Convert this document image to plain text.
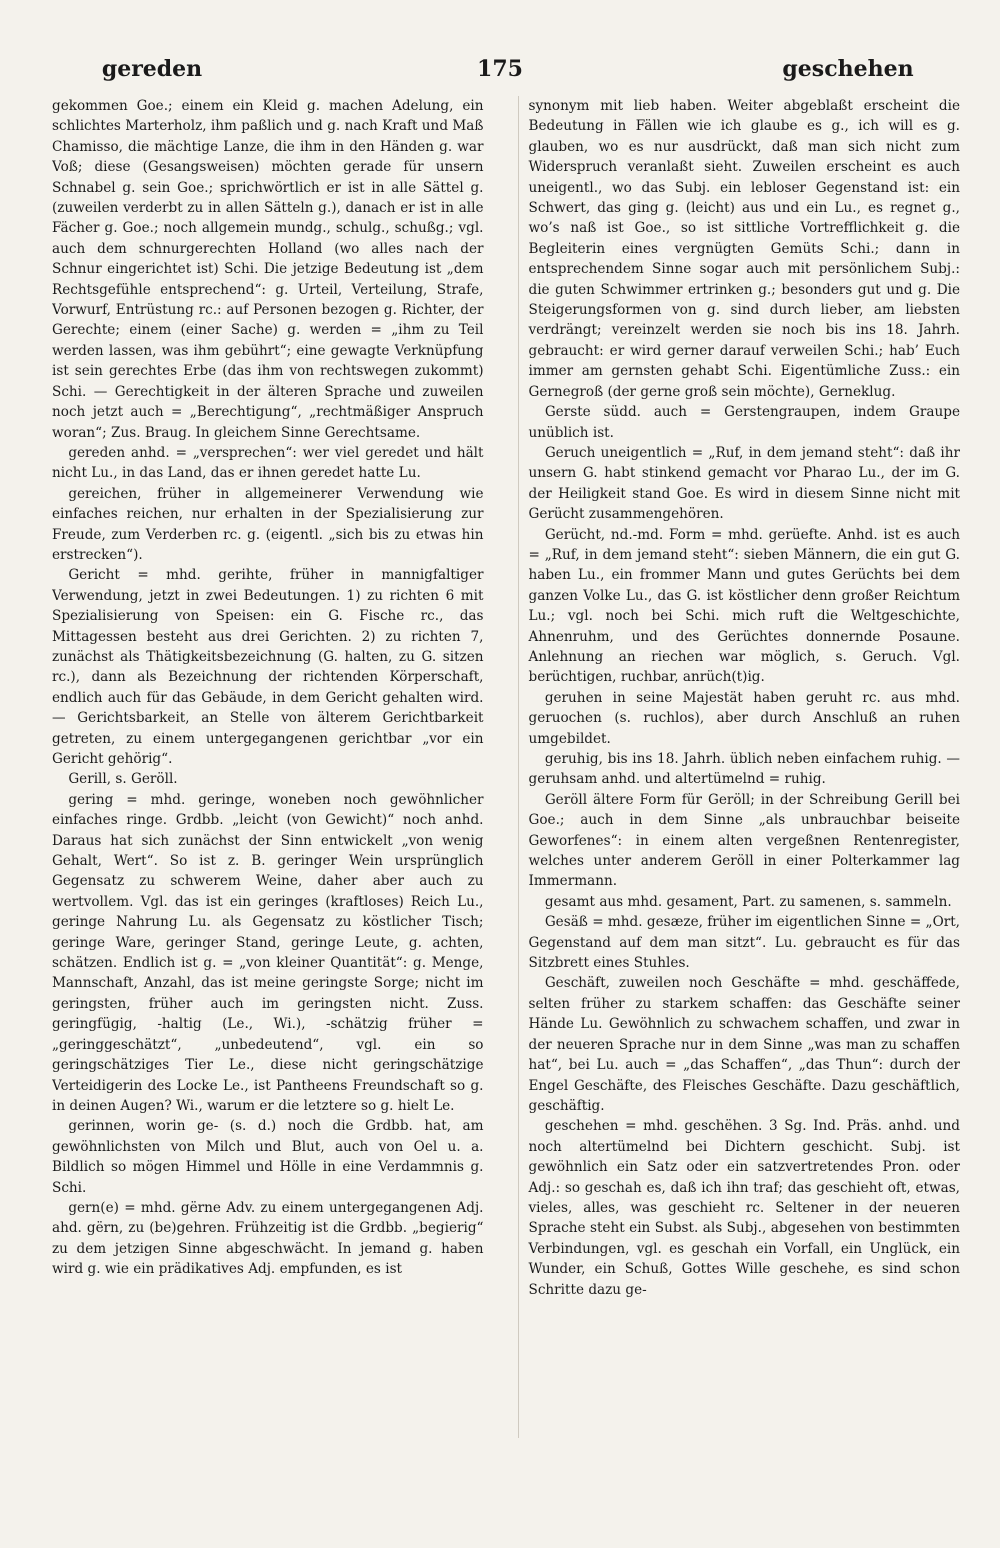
gereden	175	geschehen

gekommen Goe.; einem ein Kleid g. machen Adelung, ein schlichtes Marterholz, ihm paßlich und g. nach Kraft und Maß Chamisso, die mächtige Lanze, die ihm in den Händen g. war Voß; diese (Gesangsweisen) möchten gerade für unsern Schnabel g. sein Goe.; sprichwörtlich er ist in alle Sättel g. (zuweilen verderbt zu in allen Sätteln g.), danach er ist in alle Fächer g. Goe.; noch allgemein mundg., schulg., schußg.; vgl. auch dem schnurgerechten Holland (wo alles nach der Schnur eingerichtet ist) Schi. Die jetzige Bedeutung ist „dem Rechtsgefühle entsprechend“: g. Urteil, Verteilung, Strafe, Vorwurf, Entrüstung rc.: auf Personen bezogen g. Richter, der Gerechte; einem (einer Sache) g. werden = „ihm zu Teil werden lassen, was ihm gebührt“; eine gewagte Verknüpfung ist sein gerechtes Erbe (das ihm von rechtswegen zukommt) Schi. — Gerechtigkeit in der älteren Sprache und zuweilen noch jetzt auch = „Berechtigung“, „rechtmäßiger Anspruch woran“; Zus. Braug. In gleichem Sinne Gerechtsame.

gereden anhd. = „versprechen“: wer viel geredet und hält nicht Lu., in das Land, das er ihnen geredet hatte Lu.

gereichen, früher in allgemeinerer Verwendung wie einfaches reichen, nur erhalten in der Spezialisierung zur Freude, zum Verderben rc. g. (eigentl. „sich bis zu etwas hin erstrecken“).

Gericht = mhd. gerihte, früher in mannigfaltiger Verwendung, jetzt in zwei Bedeutungen. 1) zu richten 6 mit Spezialisierung von Speisen: ein G. Fische rc., das Mittagessen besteht aus drei Gerichten. 2) zu richten 7, zunächst als Thätigkeitsbezeichnung (G. halten, zu G. sitzen rc.), dann als Bezeichnung der richtenden Körperschaft, endlich auch für das Gebäude, in dem Gericht gehalten wird. — Gerichtsbarkeit, an Stelle von älterem Gerichtbarkeit getreten, zu einem untergegangenen gerichtbar „vor ein Gericht gehörig“.

Gerill, s. Geröll.

gering = mhd. geringe, woneben noch gewöhnlicher einfaches ringe. Grdbb. „leicht (von Gewicht)“ noch anhd. Daraus hat sich zunächst der Sinn entwickelt „von wenig Gehalt, Wert“. So ist z. B. geringer Wein ursprünglich Gegensatz zu schwerem Weine, daher aber auch zu wertvollem. Vgl. das ist ein geringes (kraftloses) Reich Lu., geringe Nahrung Lu. als Gegensatz zu köstlicher Tisch; geringe Ware, geringer Stand, geringe Leute, g. achten, schätzen. Endlich ist g. = „von kleiner Quantität“: g. Menge, Mannschaft, Anzahl, das ist meine geringste Sorge; nicht im geringsten, früher auch im geringsten nicht. Zuss. geringfügig, -haltig (Le., Wi.), -schätzig früher = „geringgeschätzt“, „unbedeutend“, vgl. ein so geringschätziges Tier Le., diese nicht geringschätzige Verteidigerin des Locke Le., ist Pantheens Freundschaft so g. in deinen Augen? Wi., warum er die letztere so g. hielt Le.

gerinnen, worin ge- (s. d.) noch die Grdbb. hat, am gewöhnlichsten von Milch und Blut, auch von Oel u. a. Bildlich so mögen Himmel und Hölle in eine Verdammnis g. Schi.

gern(e) = mhd. gërne Adv. zu einem untergegangenen Adj. ahd. gërn, zu (be)gehren. Frühzeitig ist die Grdbb. „begierig“ zu dem jetzigen Sinne abgeschwächt. In jemand g. haben wird g. wie ein prädikatives Adj. empfunden, es ist

synonym mit lieb haben. Weiter abgeblaßt erscheint die Bedeutung in Fällen wie ich glaube es g., ich will es g. glauben, wo es nur ausdrückt, daß man sich nicht zum Widerspruch veranlaßt sieht. Zuweilen erscheint es auch uneigentl., wo das Subj. ein lebloser Gegenstand ist: ein Schwert, das ging g. (leicht) aus und ein Lu., es regnet g., wo’s naß ist Goe., so ist sittliche Vortrefflichkeit g. die Begleiterin eines vergnügten Gemüts Schi.; dann in entsprechendem Sinne sogar auch mit persönlichem Subj.: die guten Schwimmer ertrinken g.; besonders gut und g. Die Steigerungsformen von g. sind durch lieber, am liebsten verdrängt; vereinzelt werden sie noch bis ins 18. Jahrh. gebraucht: er wird gerner darauf verweilen Schi.; hab’ Euch immer am gernsten gehabt Schi. Eigentümliche Zuss.: ein Gernegroß (der gerne groß sein möchte), Gerneklug.

Gerste südd. auch = Gerstengraupen, indem Graupe unüblich ist.

Geruch uneigentlich = „Ruf, in dem jemand steht“: daß ihr unsern G. habt stinkend gemacht vor Pharao Lu., der im G. der Heiligkeit stand Goe. Es wird in diesem Sinne nicht mit Gerücht zusammengehören.

Gerücht, nd.-md. Form = mhd. gerüefte. Anhd. ist es auch = „Ruf, in dem jemand steht“: sieben Männern, die ein gut G. haben Lu., ein frommer Mann und gutes Gerüchts bei dem ganzen Volke Lu., das G. ist köstlicher denn großer Reichtum Lu.; vgl. noch bei Schi. mich ruft die Weltgeschichte, Ahnenruhm, und des Gerüchtes donnernde Posaune. Anlehnung an riechen war möglich, s. Geruch. Vgl. berüchtigen, ruchbar, anrüch(t)ig.

geruhen in seine Majestät haben geruht rc. aus mhd. geruochen (s. ruchlos), aber durch Anschluß an ruhen umgebildet.

geruhig, bis ins 18. Jahrh. üblich neben einfachem ruhig. — geruhsam anhd. und altertümelnd = ruhig.

Geröll ältere Form für Geröll; in der Schreibung Gerill bei Goe.; auch in dem Sinne „als unbrauchbar beiseite Geworfenes“: in einem alten vergeßnen Rentenregister, welches unter anderem Geröll in einer Polterkammer lag Immermann.

gesamt aus mhd. gesament, Part. zu samenen, s. sammeln.

Gesäß = mhd. gesæze, früher im eigentlichen Sinne = „Ort, Gegenstand auf dem man sitzt“. Lu. gebraucht es für das Sitzbrett eines Stuhles.

Geschäft, zuweilen noch Geschäfte = mhd. geschäffede, selten früher zu starkem schaffen: das Geschäfte seiner Hände Lu. Gewöhnlich zu schwachem schaffen, und zwar in der neueren Sprache nur in dem Sinne „was man zu schaffen hat“, bei Lu. auch = „das Schaffen“, „das Thun“: durch der Engel Geschäfte, des Fleisches Geschäfte. Dazu geschäftlich, geschäftig.

geschehen = mhd. geschëhen. 3 Sg. Ind. Präs. anhd. und noch altertümelnd bei Dichtern geschicht. Subj. ist gewöhnlich ein Satz oder ein satzvertretendes Pron. oder Adj.: so geschah es, daß ich ihn traf; das geschieht oft, etwas, vieles, alles, was geschieht rc. Seltener in der neueren Sprache steht ein Subst. als Subj., abgesehen von bestimmten Verbindungen, vgl. es geschah ein Vorfall, ein Unglück, ein Wunder, ein Schuß, Gottes Wille geschehe, es sind schon Schritte dazu ge-
